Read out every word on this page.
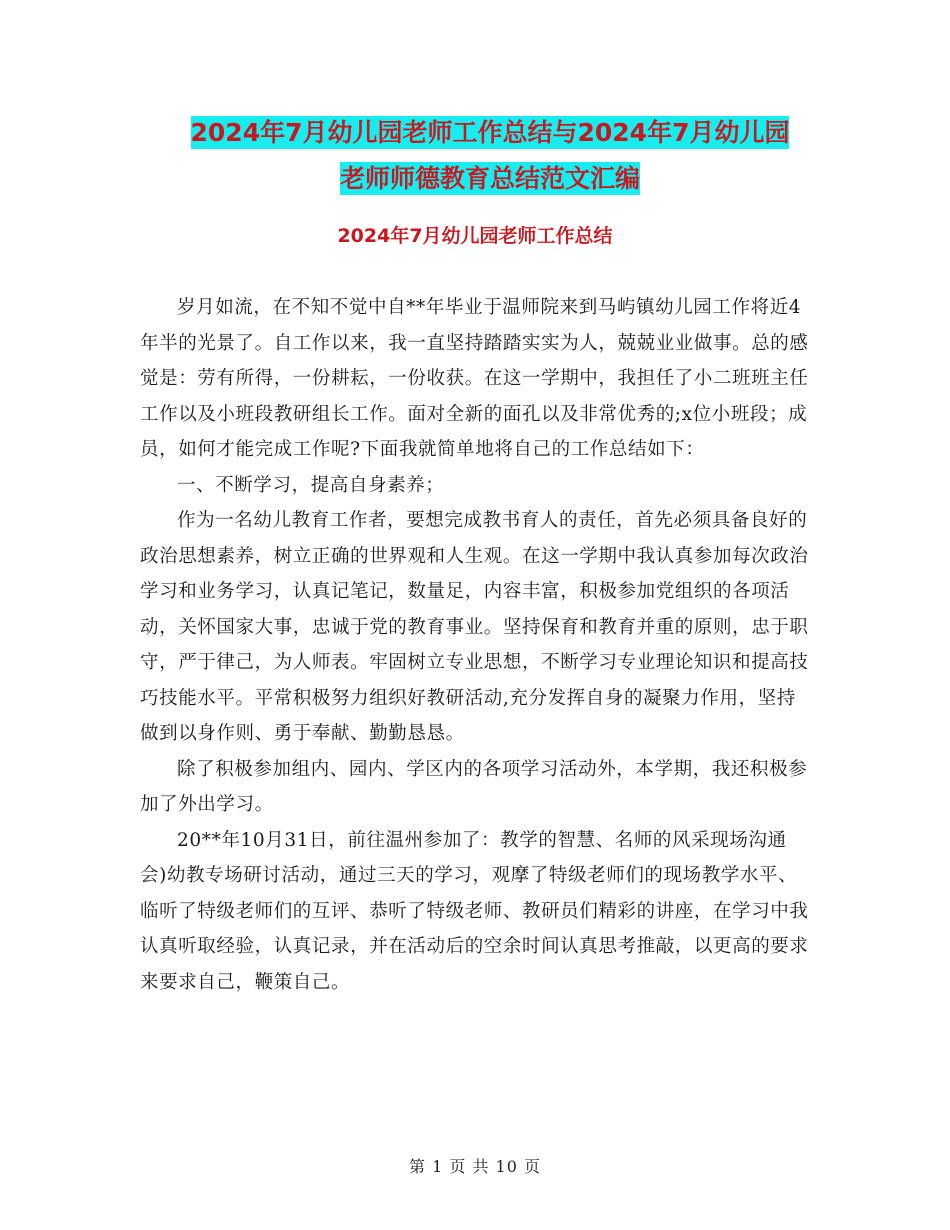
2024年7月幼儿园老师工作总结与2024年7月幼儿园
老师师德教育总结范文汇编
2024年7月幼儿园老师工作总结

岁月如流，在不知不觉中自**年毕业于温师院来到马屿镇幼儿园工作将近4年半的光景了。自工作以来，我一直坚持踏踏实实为人，兢兢业业做事。总的感觉是：劳有所得，一份耕耘，一份收获。在这一学期中，我担任了小二班班主任工作以及小班段教研组长工作。面对全新的面孔以及非常优秀的;x位小班段；成员，如何才能完成工作呢?下面我就简单地将自己的工作总结如下：

一、不断学习，提高自身素养；

作为一名幼儿教育工作者，要想完成教书育人的责任，首先必须具备良好的政治思想素养，树立正确的世界观和人生观。在这一学期中我认真参加每次政治学习和业务学习，认真记笔记，数量足，内容丰富，积极参加党组织的各项活动，关怀国家大事，忠诚于党的教育事业。坚持保育和教育并重的原则，忠于职守，严于律己，为人师表。牢固树立专业思想，不断学习专业理论知识和提高技巧技能水平。平常积极努力组织好教研活动,充分发挥自身的凝聚力作用，坚持做到以身作则、勇于奉献、勤勤恳恳。

除了积极参加组内、园内、学区内的各项学习活动外，本学期，我还积极参加了外出学习。

20**年10月31日，前往温州参加了：教学的智慧、名师的风采现场沟通会)幼教专场研讨活动，通过三天的学习，观摩了特级老师们的现场教学水平、临听了特级老师们的互评、恭听了特级老师、教研员们精彩的讲座，在学习中我认真听取经验，认真记录，并在活动后的空余时间认真思考推敲，以更高的要求来要求自己，鞭策自己。

第 1 页 共 10 页
